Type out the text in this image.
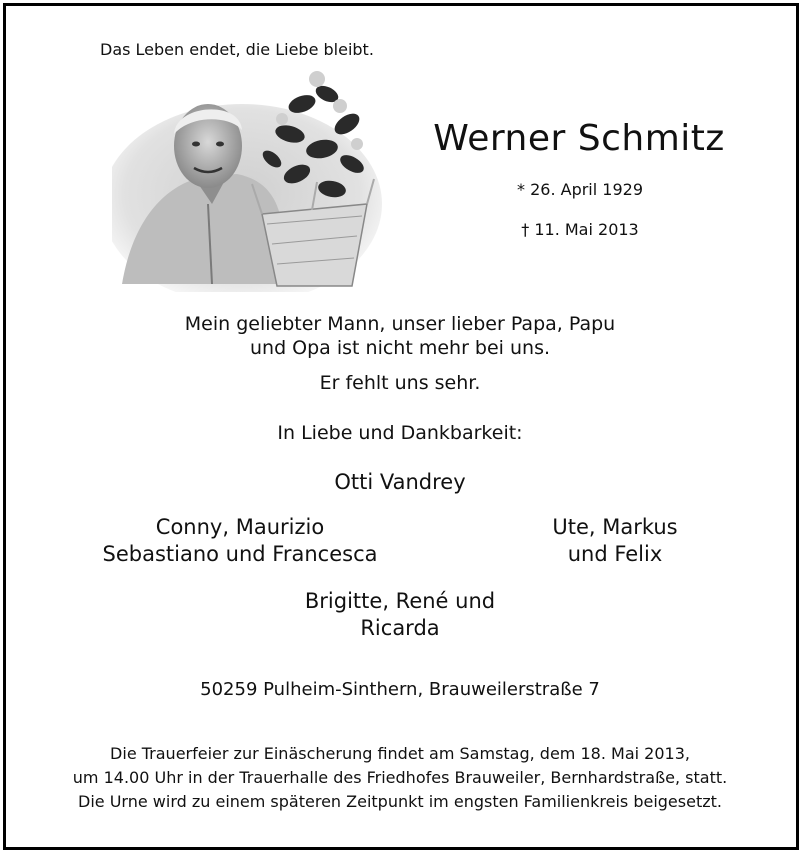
Das Leben endet, die Liebe bleibt.
Werner Schmitz
* 26. April 1929
† 11. Mai 2013
Mein geliebter Mann, unser lieber Papa, Papu
und Opa ist nicht mehr bei uns.
Er fehlt uns sehr.
In Liebe und Dankbarkeit:
Otti Vandrey
Conny, Maurizio
Sebastiano und Francesca
Ute, Markus
und Felix
Brigitte, René und
Ricarda
50259 Pulheim-Sinthern, Brauweilerstraße 7
Die Trauerfeier zur Einäscherung findet am Samstag, dem 18. Mai 2013,
um 14.00 Uhr in der Trauerhalle des Friedhofes Brauweiler, Bernhardstraße, statt.
Die Urne wird zu einem späteren Zeitpunkt im engsten Familienkreis beigesetzt.
